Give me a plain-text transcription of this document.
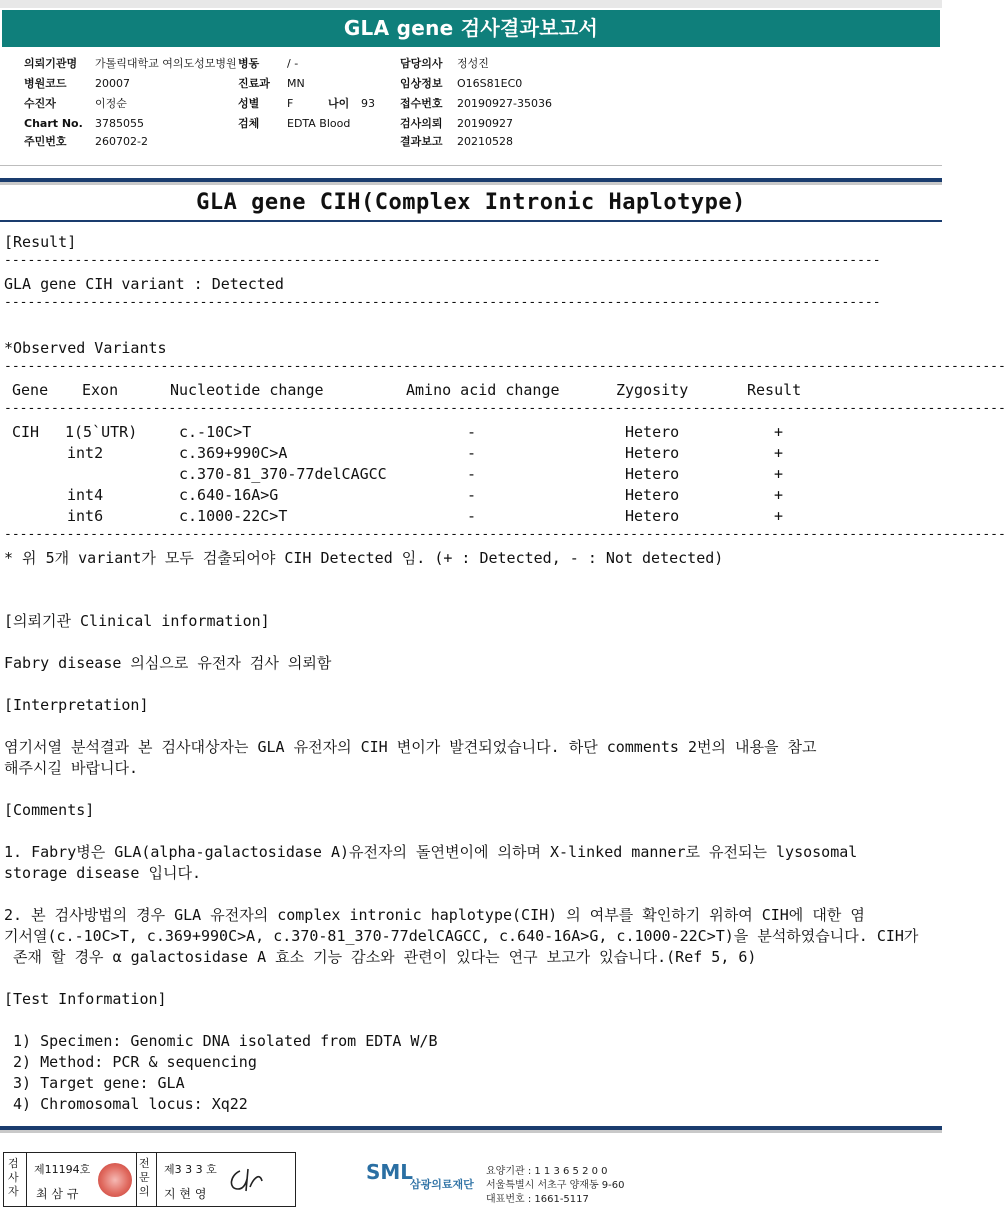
GLA gene 검사결과보고서
의뢰기관명 가톨릭대학교 여의도성모병원 병동	/ -	담당의사 정성진
병원코드	20007	진료과 MN	임상정보 O16S81EC0
수진자	이정순	성별	F	나이 93 접수번호 20190927-35036
Chart No. 3785055	검체	EDTA Blood	검사의뢰 20190927
주민번호	260702-2	결과보고 20210528
GLA gene CIH(Complex Intronic Haplotype)
[Result]
----------------------------------------------------------------------------------------------------------------
GLA gene CIH variant : Detected
----------------------------------------------------------------------------------------------------------------
*Observed Variants
--------------------------------------------------------------------------------------------------------------------------------
Gene Exon	Nucleotide change	Amino acid change	Zygosity	Result
--------------------------------------------------------------------------------------------------------------------------------
CIH 1(5`UTR)	c.-10C>T	-	Hetero	+
int2	c.369+990C>A	-	Hetero	+
c.370-81_370-77delCAGCC	-	Hetero	+
int4	c.640-16A>G	-	Hetero	+
int6	c.1000-22C>T	-	Hetero	+
--------------------------------------------------------------------------------------------------------------------------------
* 위 5개 variant가 모두 검출되어야 CIH Detected 임. (+ : Detected, - : Not detected)
[의뢰기관 Clinical information]
Fabry disease 의심으로 유전자 검사 의뢰함
[Interpretation]
염기서열 분석결과 본 검사대상자는 GLA 유전자의 CIH 변이가 발견되었습니다. 하단 comments 2번의 내용을 참고
해주시길 바랍니다.
[Comments]
1. Fabry병은 GLA(alpha-galactosidase A)유전자의 돌연변이에 의하며 X-linked manner로 유전되는 lysosomal
storage disease 입니다.
2. 본 검사방법의 경우 GLA 유전자의 complex intronic haplotype(CIH) 의 여부를 확인하기 위하여 CIH에 대한 염
기서열(c.-10C>T, c.369+990C>A, c.370-81_370-77delCAGCC, c.640-16A>G, c.1000-22C>T)을 분석하였습니다. CIH가
존재 할 경우 α galactosidase A 효소 기능 감소와 관련이 있다는 연구 보고가 있습니다.(Ref 5, 6)
[Test Information]
1) Specimen: Genomic DNA isolated from EDTA W/B
2) Method: PCR & sequencing
3) Target gene: GLA
4) Chromosomal locus: Xq22
검사자
제11194호
최 삼 규
전문의
제3 3 3 호
지 현 영
SML
삼광의료재단
요양기관 : 1 1 3 6 5 2 0 0
서울특별시 서초구 양재동 9-60
대표번호 : 1661-5117
